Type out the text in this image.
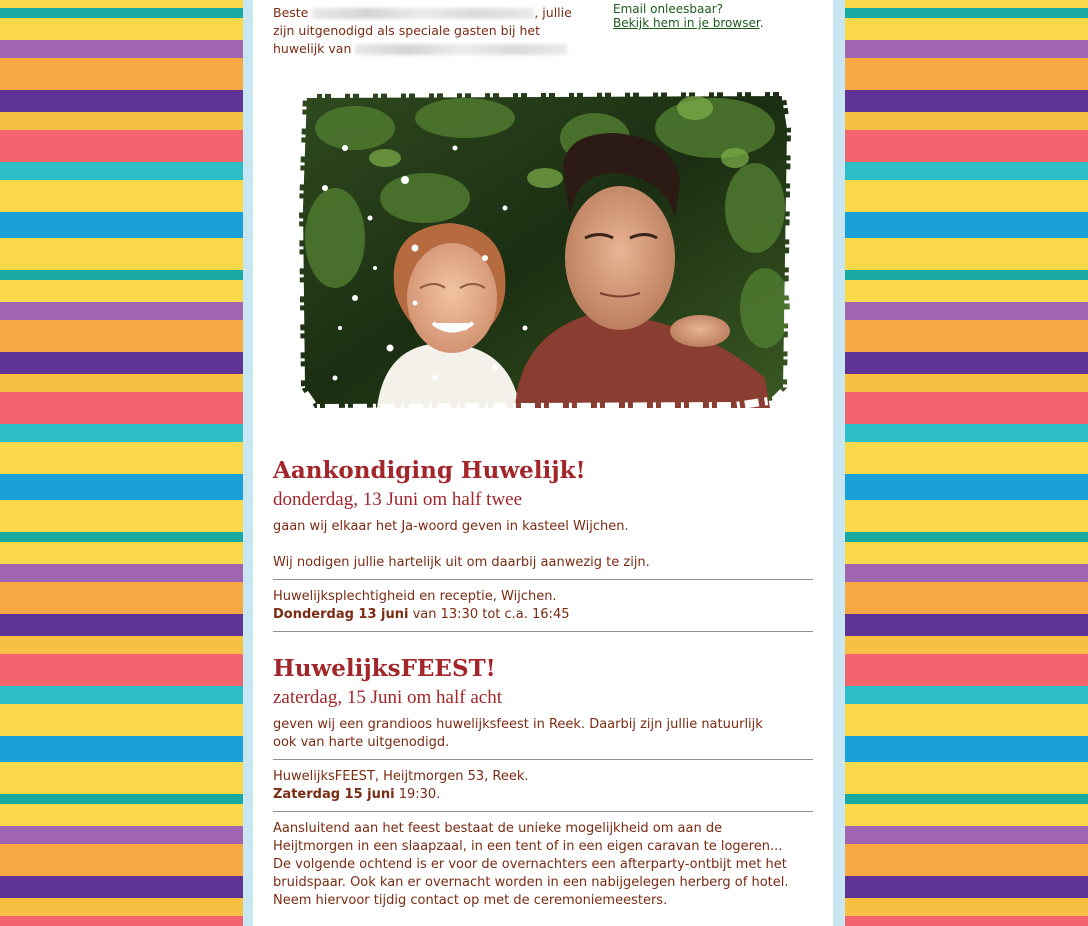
Beste	, jullie
zijn uitgenodigd als speciale gasten bij het
huwelijk van
Email onleesbaar?
Bekijk hem in je browser.
Aankondiging Huwelijk!
donderdag, 13 Juni om half twee
gaan wij elkaar het Ja-woord geven in kasteel Wijchen.
Wij nodigen jullie hartelijk uit om daarbij aanwezig te zijn.
Huwelijksplechtigheid en receptie, Wijchen.
Donderdag 13 juni van 13:30 tot c.a. 16:45
HuwelijksFEEST!
zaterdag, 15 Juni om half acht
geven wij een grandioos huwelijksfeest in Reek. Daarbij zijn jullie natuurlijk
ook van harte uitgenodigd.
HuwelijksFEEST, Heijtmorgen 53, Reek.
Zaterdag 15 juni 19:30.
Aansluitend aan het feest bestaat de unieke mogelijkheid om aan de
Heijtmorgen in een slaapzaal, in een tent of in een eigen caravan te logeren...
De volgende ochtend is er voor de overnachters een afterparty-ontbijt met het
bruidspaar. Ook kan er overnacht worden in een nabijgelegen herberg of hotel.
Neem hiervoor tijdig contact op met de ceremoniemeesters.
